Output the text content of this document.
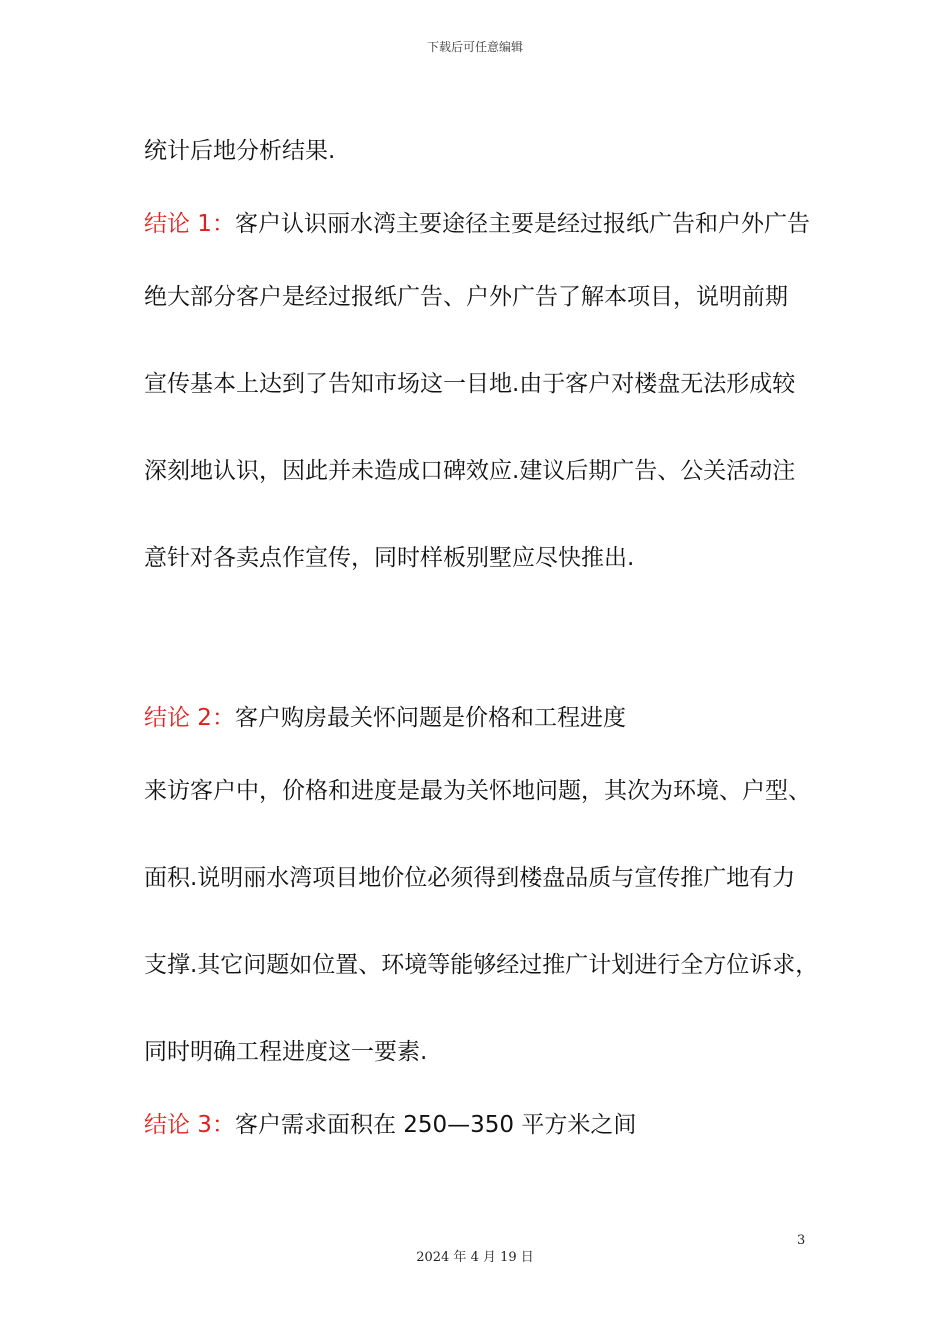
下载后可任意编辑
统计后地分析结果.
结论 1：客户认识丽水湾主要途径主要是经过报纸广告和户外广告
绝大部分客户是经过报纸广告、户外广告了解本项目，说明前期
宣传基本上达到了告知市场这一目地.由于客户对楼盘无法形成较
深刻地认识，因此并未造成口碑效应.建议后期广告、公关活动注
意针对各卖点作宣传，同时样板别墅应尽快推出.
结论 2：客户购房最关怀问题是价格和工程进度
来访客户中，价格和进度是最为关怀地问题，其次为环境、户型、
面积.说明丽水湾项目地价位必须得到楼盘品质与宣传推广地有力
支撑.其它问题如位置、环境等能够经过推广计划进行全方位诉求，
同时明确工程进度这一要素.
结论 3：客户需求面积在 250—350 平方米之间
3
2024 年 4 月 19 日
